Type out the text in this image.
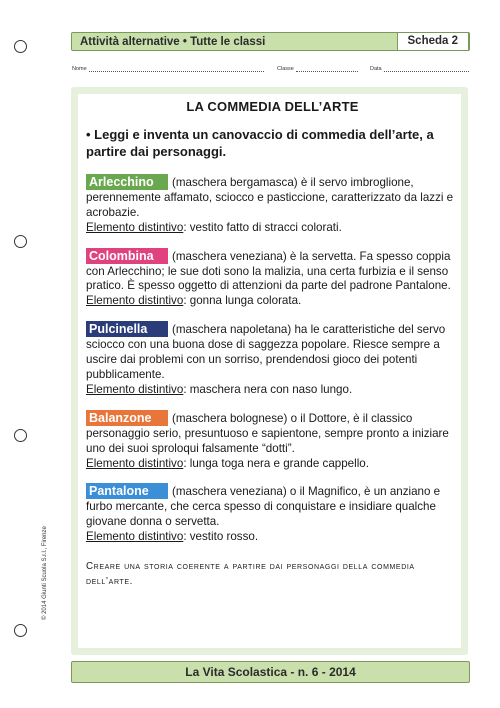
Attività alternative • Tutte le classi	Scheda 2
Nome	Classe	Data
LA COMMEDIA DELL’ARTE
• Leggi e inventa un canovaccio di commedia dell’arte, a partire dai personaggi.
Arlecchino (maschera bergamasca) è il servo imbroglione, perennemente affamato, sciocco e pasticcione, caratterizzato da lazzi e acrobazie.
Elemento distintivo: vestito fatto di stracci colorati.
Colombina (maschera veneziana) è la servetta. Fa spesso coppia con Arlecchino; le sue doti sono la malizia, una certa furbizia e il senso pratico. È spesso oggetto di attenzioni da parte del padrone Pantalone.
Elemento distintivo: gonna lunga colorata.
Pulcinella (maschera napoletana) ha le caratteristiche del servo sciocco con una buona dose di saggezza popolare. Riesce sempre a uscire dai problemi con un sorriso, prendendosi gioco dei potenti pubblicamente.
Elemento distintivo: maschera nera con naso lungo.
Balanzone (maschera bolognese) o il Dottore, è il classico personaggio serio, presuntuoso e sapientone, sempre pronto a iniziare uno dei suoi sproloqui falsamente “dotti”.
Elemento distintivo: lunga toga nera e grande cappello.
Pantalone (maschera veneziana) o il Magnifico, è un anziano e furbo mercante, che cerca spesso di conquistare e insidiare qualche giovane donna o servetta.
Elemento distintivo: vestito rosso.
Creare una storia coerente a partire dai personaggi della commedia dell’arte.
© 2014 Giunti Scuola S.r.l., Firenze
La Vita Scolastica - n. 6 - 2014
